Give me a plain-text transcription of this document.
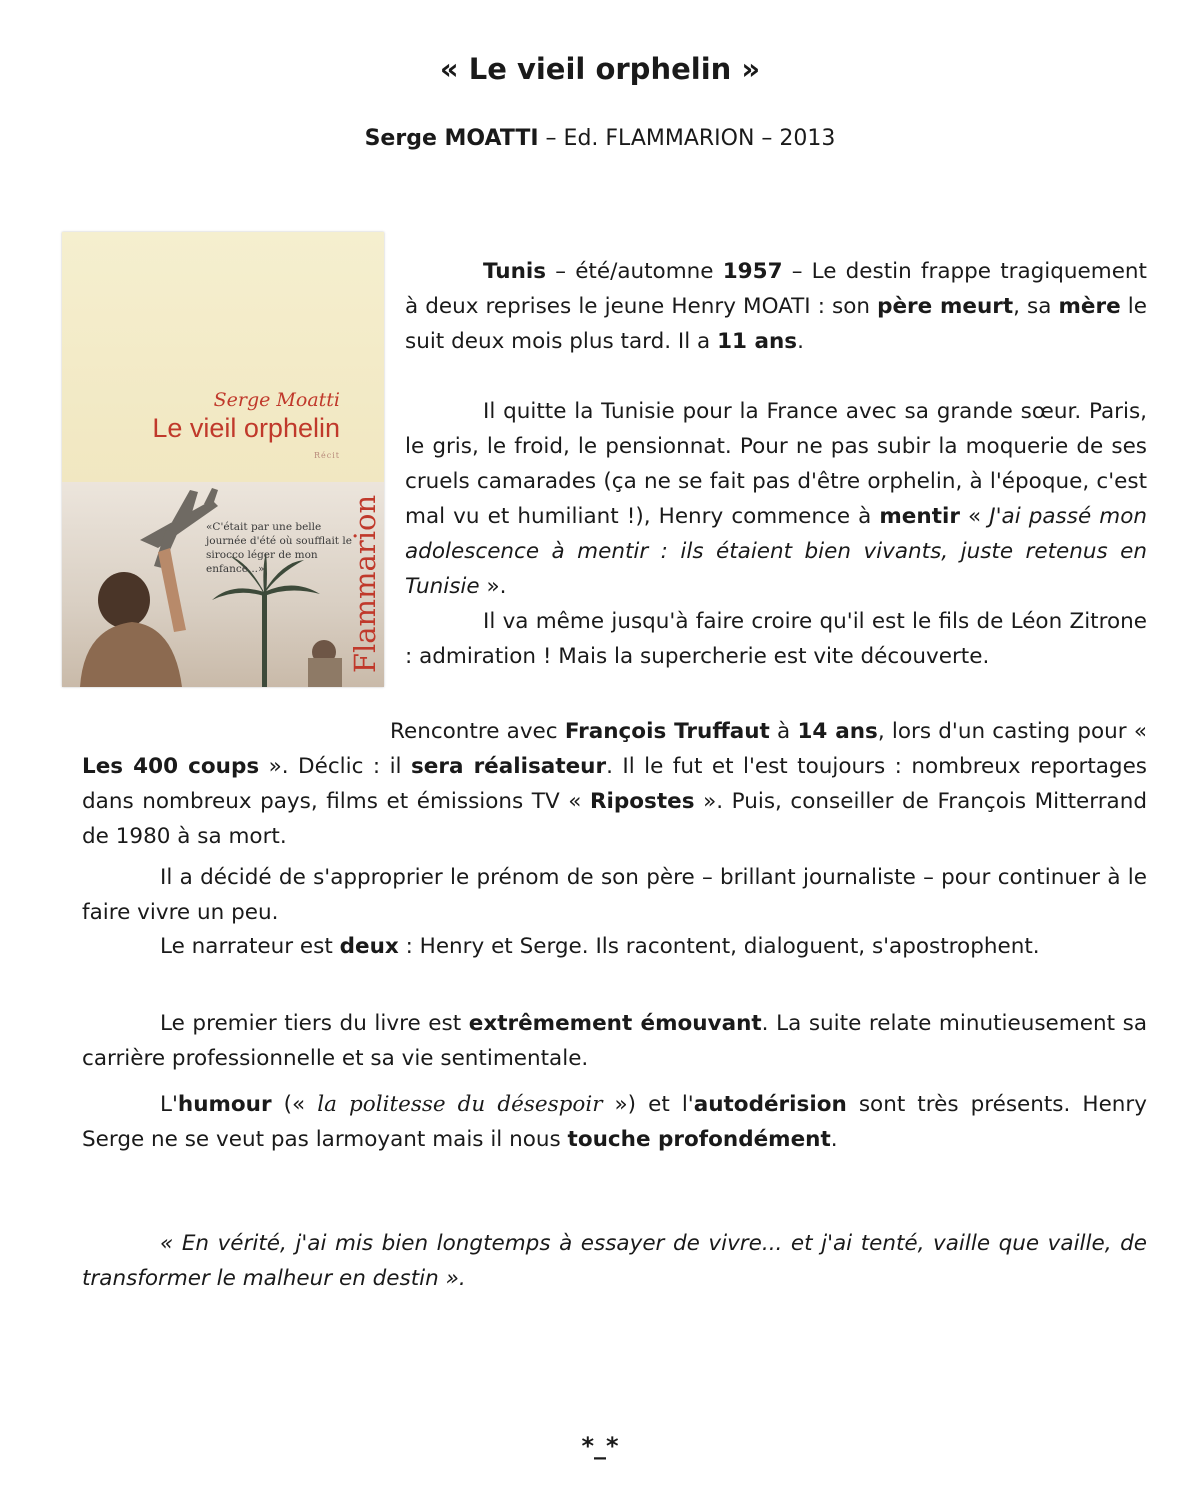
« Le vieil orphelin »

Serge MOATTI – Ed. FLAMMARION – 2013

Serge Moatti
Le vieil orphelin
Récit
«C'était par une belle journée d'été où soufflait le sirocco léger de mon enfance...»	Flammarion

Tunis – été/automne 1957 – Le destin frappe tragiquement à deux reprises le jeune Henry MOATI : son père meurt, sa mère le suit deux mois plus tard. Il a 11 ans.

Il quitte la Tunisie pour la France avec sa grande sœur. Paris, le gris, le froid, le pensionnat. Pour ne pas subir la moquerie de ses cruels camarades (ça ne se fait pas d'être orphelin, à l'époque, c'est mal vu et humiliant !), Henry commence à mentir « J'ai passé mon adolescence à mentir : ils étaient bien vivants, juste retenus en Tunisie ».

Il va même jusqu'à faire croire qu'il est le fils de Léon Zitrone : admiration ! Mais la supercherie est vite découverte.

Rencontre avec François Truffaut à 14 ans, lors d'un casting pour « Les 400 coups ». Déclic : il sera réalisateur. Il le fut et l'est toujours : nombreux reportages dans nombreux pays, films et émissions TV « Ripostes ». Puis, conseiller de François Mitterrand de 1980 à sa mort.

Il a décidé de s'approprier le prénom de son père – brillant journaliste – pour continuer à le faire vivre un peu.

Le narrateur est deux : Henry et Serge. Ils racontent, dialoguent, s'apostrophent.

Le premier tiers du livre est extrêmement émouvant. La suite relate minutieusement sa carrière professionnelle et sa vie sentimentale.

L'humour (« la politesse du désespoir ») et l'autodérision sont très présents. Henry Serge ne se veut pas larmoyant mais il nous touche profondément.

« En vérité, j'ai mis bien longtemps à essayer de vivre... et j'ai tenté, vaille que vaille, de transformer le malheur en destin ».

*_*
